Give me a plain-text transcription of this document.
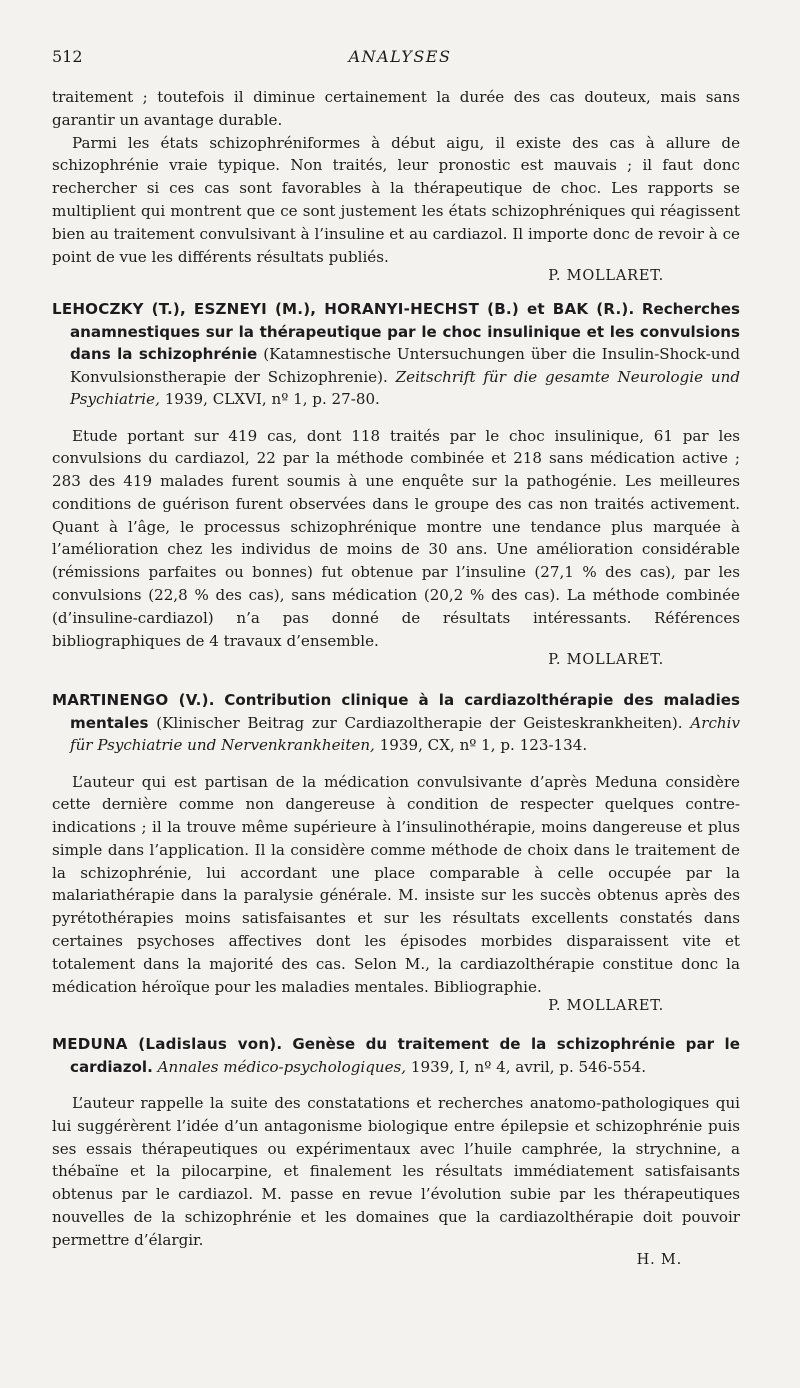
512	ANALYSES

traitement ; toutefois il diminue certainement la durée des cas douteux, mais sans garantir un avantage durable.

Parmi les états schizophréniformes à début aigu, il existe des cas à allure de schizophrénie vraie typique. Non traités, leur pronostic est mauvais ; il faut donc rechercher si ces cas sont favorables à la thérapeutique de choc. Les rapports se multiplient qui montrent que ce sont justement les états schizophréniques qui réagissent bien au traitement convulsivant à l’insuline et au cardiazol. Il importe donc de revoir à ce point de vue les différents résultats publiés.

P. MOLLARET.

LEHOCZKY (T.), ESZNEYI (M.), HORANYI-HECHST (B.) et BAK (R.). Recherches anamnestiques sur la thérapeutique par le choc insulinique et les convulsions dans la schizophrénie (Katamnestische Untersuchungen über die Insulin-Shock-und Konvulsionstherapie der Schizophrenie). Zeitschrift für die gesamte Neurologie und Psychiatrie, 1939, CLXVI, nº 1, p. 27-80.

Etude portant sur 419 cas, dont 118 traités par le choc insulinique, 61 par les convulsions du cardiazol, 22 par la méthode combinée et 218 sans médication active ; 283 des 419 malades furent soumis à une enquête sur la pathogénie. Les meilleures conditions de guérison furent observées dans le groupe des cas non traités activement. Quant à l’âge, le processus schizophrénique montre une tendance plus marquée à l’amélioration chez les individus de moins de 30 ans. Une amélioration considérable (rémissions parfaites ou bonnes) fut obtenue par l’insuline (27,1 % des cas), par les convulsions (22,8 % des cas), sans médication (20,2 % des cas). La méthode combinée (d’insuline-cardiazol) n’a pas donné de résultats intéressants. Références bibliographiques de 4 travaux d’ensemble.

P. MOLLARET.

MARTINENGO (V.). Contribution clinique à la cardiazolthérapie des maladies mentales (Klinischer Beitrag zur Cardiazoltherapie der Geisteskrankheiten). Archiv für Psychiatrie und Nervenkrankheiten, 1939, CX, nº 1, p. 123-134.

L’auteur qui est partisan de la médication convulsivante d’après Meduna considère cette dernière comme non dangereuse à condition de respecter quelques contre-indications ; il la trouve même supérieure à l’insulinothérapie, moins dangereuse et plus simple dans l’application. Il la considère comme méthode de choix dans le traitement de la schizophrénie, lui accordant une place comparable à celle occupée par la malariathérapie dans la paralysie générale. M. insiste sur les succès obtenus après des pyrétothérapies moins satisfaisantes et sur les résultats excellents constatés dans certaines psychoses affectives dont les épisodes morbides disparaissent vite et totalement dans la majorité des cas. Selon M., la cardiazolthérapie constitue donc la médication héroïque pour les maladies mentales. Bibliographie.

P. MOLLARET.

MEDUNA (Ladislaus von). Genèse du traitement de la schizophrénie par le cardiazol. Annales médico-psychologiques, 1939, I, nº 4, avril, p. 546-554.

L’auteur rappelle la suite des constatations et recherches anatomo-pathologiques qui lui suggérèrent l’idée d’un antagonisme biologique entre épilepsie et schizophrénie puis ses essais thérapeutiques ou expérimentaux avec l’huile camphrée, la strychnine, a thébaïne et la pilocarpine, et finalement les résultats immédiatement satisfaisants obtenus par le cardiazol. M. passe en revue l’évolution subie par les thérapeutiques nouvelles de la schizophrénie et les domaines que la cardiazolthérapie doit pouvoir permettre d’élargir.

H. M.
